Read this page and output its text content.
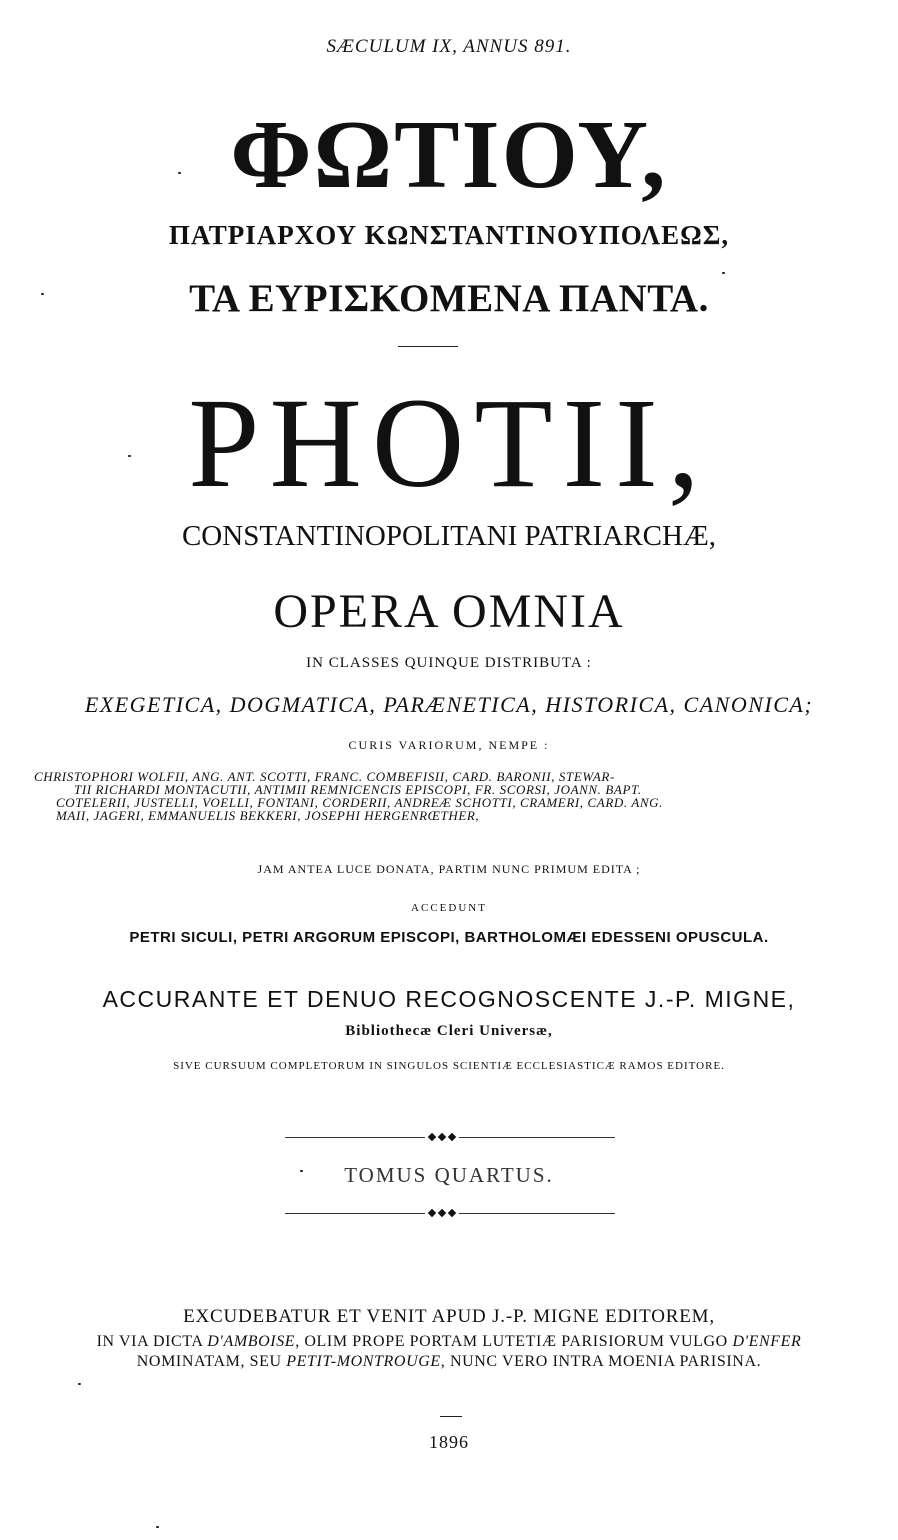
SÆCULUM IX, ANNUS 891.
ΦΩΤΙΟΥ,
ΠΑΤΡΙΑΡΧΟΥ ΚΩΝΣΤΑΝΤΙΝΟΥΠΟΛΕΩΣ,
ΤΑ ΕΥΡΙΣΚΟΜΕΝΑ ΠΑΝΤΑ.
PHOTII,
CONSTANTINOPOLITANI PATRIARCHÆ,
OPERA OMNIA
IN CLASSES QUINQUE DISTRIBUTA :
EXEGETICA, DOGMATICA, PARÆNETICA, HISTORICA, CANONICA;
CURIS VARIORUM, NEMPE :
CHRISTOPHORI WOLFII, ANG. ANT. SCOTTI, FRANC. COMBEFISII, CARD. BARONII, STEWAR-
TII RICHARDI MONTACUTII, ANTIMII REMNICENCIS EPISCOPI, FR. SCORSI, JOANN. BAPT.
COTELERII, JUSTELLI, VOELLI, FONTANI, CORDERII, ANDREÆ SCHOTTI, CRAMERI, CARD. ANG.
MAII, JAGERI, EMMANUELIS BEKKERI, JOSEPHI HERGENRŒTHER,
JAM ANTEA LUCE DONATA, PARTIM NUNC PRIMUM EDITA ;
ACCEDUNT
PETRI SICULI, PETRI ARGORUM EPISCOPI, BARTHOLOMÆI EDESSENI OPUSCULA.
ACCURANTE ET DENUO RECOGNOSCENTE J.-P. MIGNE,
Bibliothecæ Cleri Universæ,
SIVE CURSUUM COMPLETORUM IN SINGULOS SCIENTIÆ ECCLESIASTICÆ RAMOS EDITORE.
TOMUS QUARTUS.
EXCUDEBATUR ET VENIT APUD J.-P. MIGNE EDITOREM,
IN VIA DICTA D'AMBOISE, OLIM PROPE PORTAM LUTETIÆ PARISIORUM VULGO D'ENFER
NOMINATAM, SEU PETIT-MONTROUGE, NUNC VERO INTRA MOENIA PARISINA.
1896
